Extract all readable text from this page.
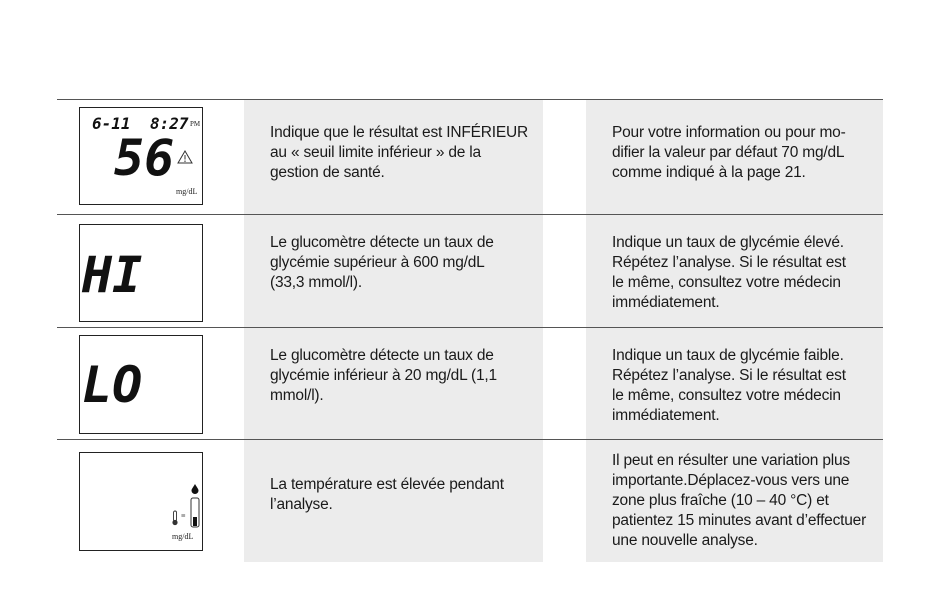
6-11 8:27 PM
56
mg/dL
Indique que le résultat est INFÉRIEUR
au « seuil limite inférieur » de la
gestion de santé.
Pour votre information ou pour mo-
difier la valeur par défaut 70 mg/dL
comme indiqué à la page 21.
HI
Le glucomètre détecte un taux de
glycémie supérieur à 600 mg/dL
(33,3 mmol/l).
Indique un taux de glycémie élevé.
Répétez l’analyse. Si le résultat est
le même, consultez votre médecin
immédiatement.
LO
Le glucomètre détecte un taux de
glycémie inférieur à 20 mg/dL (1,1
mmol/l).
Indique un taux de glycémie faible.
Répétez l’analyse. Si le résultat est
le même, consultez votre médecin
immédiatement.
≡
mg/dL
La température est élevée pendant
l’analyse.
Il peut en résulter une variation plus
importante.Déplacez-vous vers une
zone plus fraîche (10 – 40 °C) et
patientez 15 minutes avant d’effectuer
une nouvelle analyse.
